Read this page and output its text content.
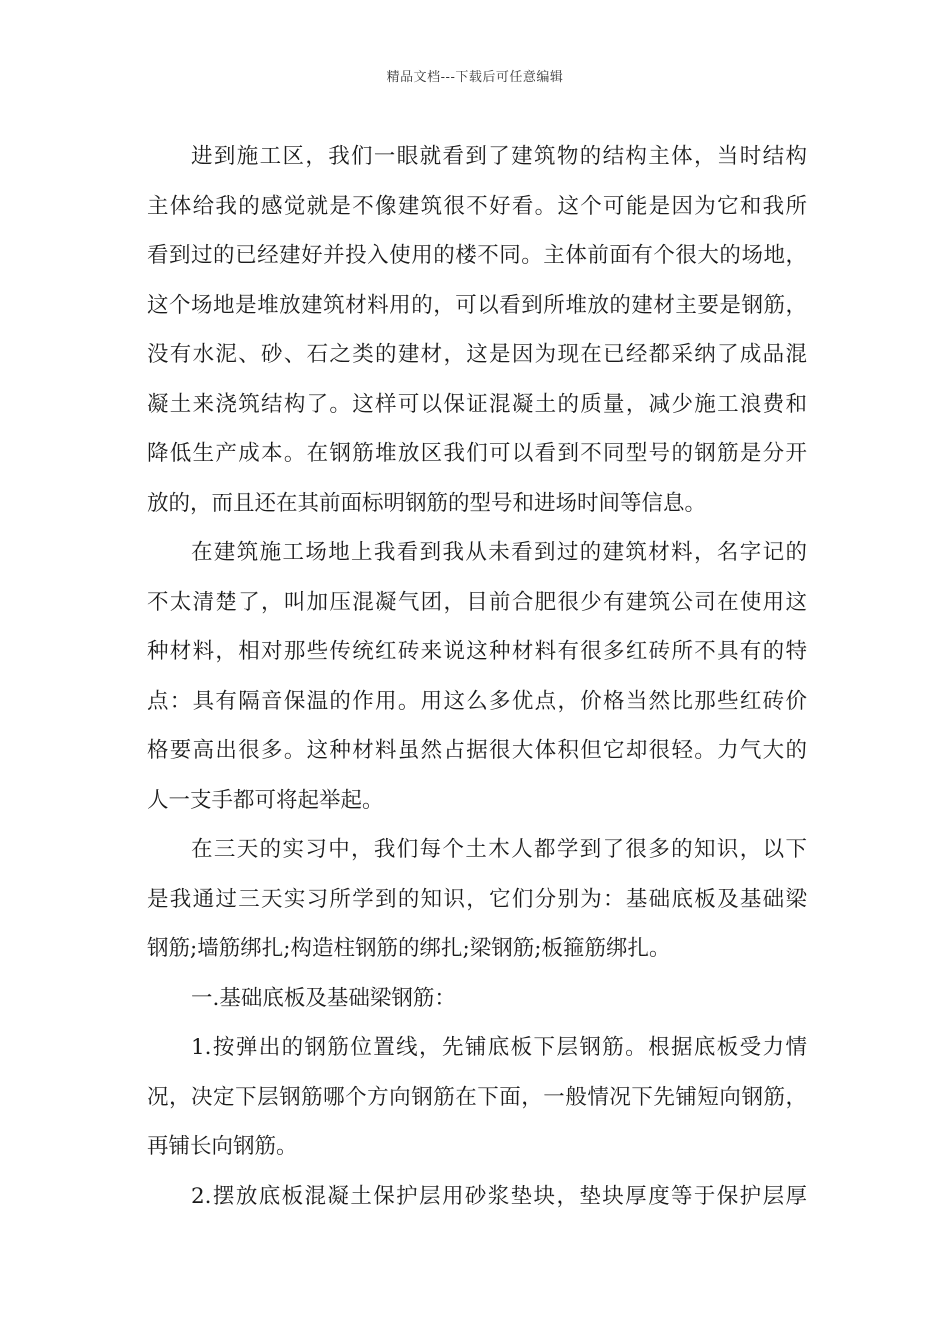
精品文档---下载后可任意编辑
进到施工区，我们一眼就看到了建筑物的结构主体，当时结构
主体给我的感觉就是不像建筑很不好看。这个可能是因为它和我所
看到过的已经建好并投入使用的楼不同。主体前面有个很大的场地，
这个场地是堆放建筑材料用的，可以看到所堆放的建材主要是钢筋，
没有水泥、砂、石之类的建材，这是因为现在已经都采纳了成品混
凝土来浇筑结构了。这样可以保证混凝土的质量，减少施工浪费和
降低生产成本。在钢筋堆放区我们可以看到不同型号的钢筋是分开
放的，而且还在其前面标明钢筋的型号和进场时间等信息。
在建筑施工场地上我看到我从未看到过的建筑材料，名字记的
不太清楚了，叫加压混凝气团，目前合肥很少有建筑公司在使用这
种材料，相对那些传统红砖来说这种材料有很多红砖所不具有的特
点：具有隔音保温的作用。用这么多优点，价格当然比那些红砖价
格要高出很多。这种材料虽然占据很大体积但它却很轻。力气大的
人一支手都可将起举起。
在三天的实习中，我们每个土木人都学到了很多的知识，以下
是我通过三天实习所学到的知识，它们分别为：基础底板及基础梁
钢筋;墙筋绑扎;构造柱钢筋的绑扎;梁钢筋;板箍筋绑扎。
一.基础底板及基础梁钢筋：
1.按弹出的钢筋位置线，先铺底板下层钢筋。根据底板受力情
况，决定下层钢筋哪个方向钢筋在下面，一般情况下先铺短向钢筋，
再铺长向钢筋。
2.摆放底板混凝土保护层用砂浆垫块，垫块厚度等于保护层厚
